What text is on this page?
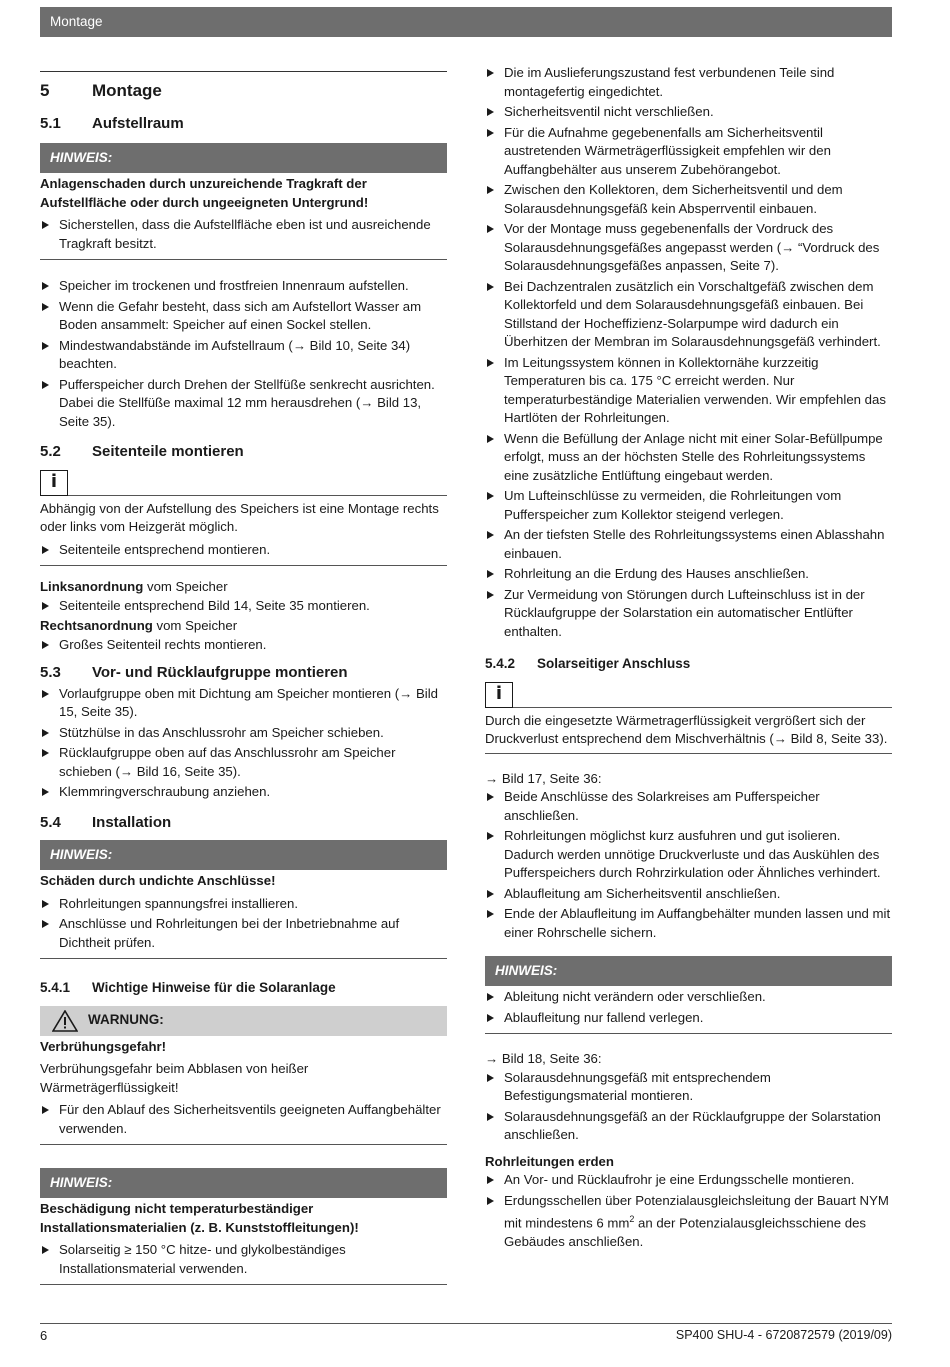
Montage
5	Montage
5.1	Aufstellraum
HINWEIS:

Anlagenschaden durch unzureichende Tragkraft der Aufstellfläche oder durch ungeeigneten Untergrund!

Sicherstellen, dass die Aufstellfläche eben ist und ausreichende Tragkraft besitzt.
Speicher im trockenen und frostfreien Innenraum aufstellen.
Wenn die Gefahr besteht, dass sich am Aufstellort Wasser am Boden ansammelt: Speicher auf einen Sockel stellen.
Mindestwandabstände im Aufstellraum (→ Bild 10, Seite 34) beachten.
Pufferspeicher durch Drehen der Stellfüße senkrecht ausrichten. Dabei die Stellfüße maximal 12 mm herausdrehen (→ Bild 13, Seite 35).
5.2	Seitenteile montieren
i

Abhängig von der Aufstellung des Speichers ist eine Montage rechts oder links vom Heizgerät möglich.

Seitenteile entsprechend montieren.

Linksanordnung vom Speicher

Seitenteile entsprechend Bild 14, Seite 35 montieren.

Rechtsanordnung vom Speicher

Großes Seitenteil rechts montieren.
5.3	Vor- und Rücklaufgruppe montieren
Vorlaufgruppe oben mit Dichtung am Speicher montieren (→ Bild 15, Seite 35).
Stützhülse in das Anschlussrohr am Speicher schieben.
Rücklaufgruppe oben auf das Anschlussrohr am Speicher schieben (→ Bild 16, Seite 35).
Klemmringverschraubung anziehen.
5.4	Installation
HINWEIS:

Schäden durch undichte Anschlüsse!

Rohrleitungen spannungsfrei installieren.
Anschlüsse und Rohrleitungen bei der Inbetriebnahme auf Dichtheit prüfen.
5.4.1	Wichtige Hinweise für die Solaranlage
WARNUNG:

Verbrühungsgefahr!

Verbrühungsgefahr beim Abblasen von heißer Wärmeträgerflüssigkeit!

Für den Ablauf des Sicherheitsventils geeigneten Auffangbehälter verwenden.
HINWEIS:

Beschädigung nicht temperaturbeständiger Installationsmaterialien (z. B. Kunststoffleitungen)!

Solarseitig ≥ 150 °C hitze- und glykolbeständiges Installationsmaterial verwenden.
Die im Auslieferungszustand fest verbundenen Teile sind montagefertig eingedichtet.
Sicherheitsventil nicht verschließen.
Für die Aufnahme gegebenenfalls am Sicherheitsventil austretenden Wärmeträgerflüssigkeit empfehlen wir den Auffangbehälter aus unserem Zubehörangebot.
Zwischen den Kollektoren, dem Sicherheitsventil und dem Solarausdehnungsgefäß kein Absperrventil einbauen.
Vor der Montage muss gegebenenfalls der Vordruck des Solarausdehnungsgefäßes angepasst werden (→ “Vordruck des Solarausdehnungsgefäßes anpassen, Seite 7).
Bei Dachzentralen zusätzlich ein Vorschaltgefäß zwischen dem Kollektorfeld und dem Solarausdehnungsgefäß einbauen. Bei Stillstand der Hocheffizienz-Solarpumpe wird dadurch ein Überhitzen der Membran im Solarausdehnungsgefäß verhindert.
Im Leitungssystem können in Kollektornähe kurzzeitig Temperaturen bis ca. 175 °C erreicht werden. Nur temperaturbeständige Materialien verwenden. Wir empfehlen das Hartlöten der Rohrleitungen.
Wenn die Befüllung der Anlage nicht mit einer Solar-Befüllpumpe erfolgt, muss an der höchsten Stelle des Rohrleitungssystems eine zusätzliche Entlüftung eingebaut werden.
Um Lufteinschlüsse zu vermeiden, die Rohrleitungen vom Pufferspeicher zum Kollektor steigend verlegen.
An der tiefsten Stelle des Rohrleitungssystems einen Ablasshahn einbauen.
Rohrleitung an die Erdung des Hauses anschließen.
Zur Vermeidung von Störungen durch Lufteinschluss ist in der Rücklaufgruppe der Solarstation ein automatischer Entlüfter enthalten.
5.4.2	Solarseitiger Anschluss
i

Durch die eingesetzte Wärmetragerflüssigkeit vergrößert sich der Druckverlust entsprechend dem Mischverhältnis (→ Bild 8, Seite 33).

→ Bild 17, Seite 36:

Beide Anschlüsse des Solarkreises am Pufferspeicher anschließen.
Rohrleitungen möglichst kurz ausfuhren und gut isolieren. Dadurch werden unnötige Druckverluste und das Auskühlen des Pufferspeichers durch Rohrzirkulation oder Ähnliches verhindert.
Ablaufleitung am Sicherheitsventil anschließen.
Ende der Ablaufleitung im Auffangbehälter munden lassen und mit einer Rohrschelle sichern.
HINWEIS:
Ableitung nicht verändern oder verschließen.
Ablaufleitung nur fallend verlegen.

→ Bild 18, Seite 36:

Solarausdehnungsgefäß mit entsprechendem Befestigungsmaterial montieren.
Solarausdehnungsgefäß an der Rücklaufgruppe der Solarstation anschließen.

Rohrleitungen erden

An Vor- und Rücklaufrohr je eine Erdungsschelle montieren.
Erdungsschellen über Potenzialausgleichsleitung der Bauart NYM mit mindestens 6 $mm^2$ an der Potenzialausgleichsschiene des Gebäudes anschließen.
6	SP400 SHU-4 - 6720872579 (2019/09)
